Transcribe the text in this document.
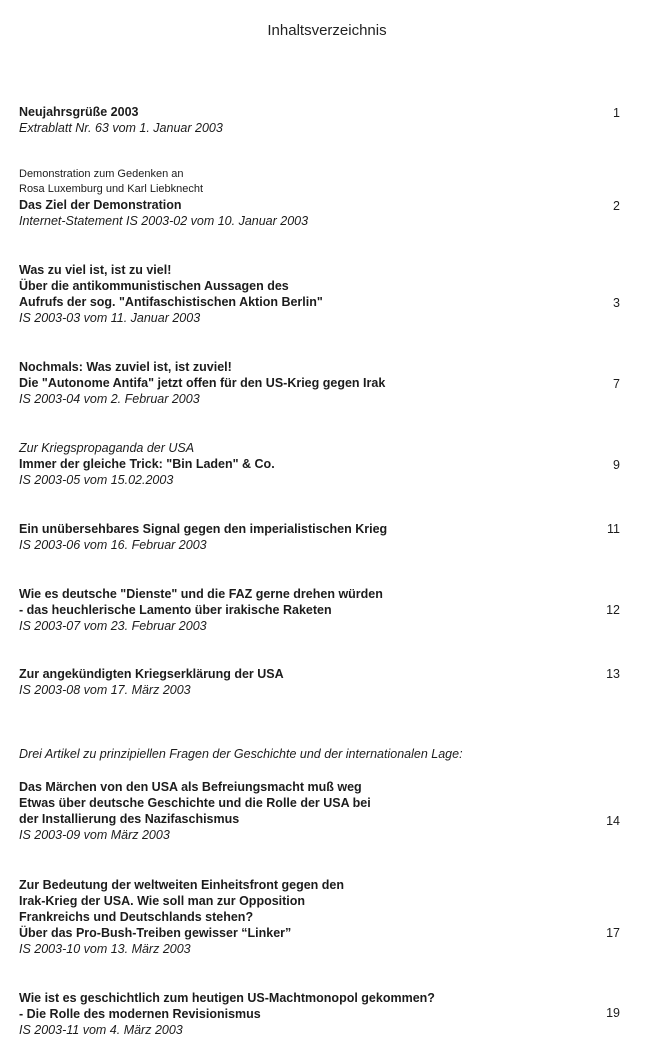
Inhaltsverzeichnis
Neujahrsgrüße 2003
Extrablatt Nr. 63 vom 1. Januar 2003
1
Demonstration zum Gedenken an
Rosa Luxemburg und Karl Liebknecht
Das Ziel der Demonstration
Internet-Statement IS 2003-02 vom 10. Januar 2003
2
Was zu viel ist, ist zu viel!
Über die antikommunistischen Aussagen des
Aufrufs der sog. "Antifaschistischen Aktion Berlin"
IS 2003-03 vom 11. Januar 2003
3
Nochmals: Was zuviel ist, ist zuviel!
Die "Autonome Antifa" jetzt offen für den US-Krieg gegen Irak
IS 2003-04 vom 2. Februar 2003
7
Zur Kriegspropaganda der USA
Immer der gleiche Trick: "Bin Laden" & Co.
IS 2003-05 vom 15.02.2003
9
Ein unübersehbares Signal gegen den imperialistischen Krieg
IS 2003-06 vom 16. Februar 2003
11
Wie es deutsche "Dienste" und die FAZ gerne drehen würden
- das heuchlerische Lamento über irakische Raketen
IS 2003-07 vom 23. Februar 2003
12
Zur angekündigten Kriegserklärung der USA
IS 2003-08 vom 17. März 2003
13
Drei Artikel zu prinzipiellen Fragen der Geschichte und der internationalen Lage:
Das Märchen von den USA als Befreiungsmacht muß weg
Etwas über deutsche Geschichte und die Rolle der USA bei
der Installierung des Nazifaschismus
IS 2003-09 vom März 2003
14
Zur Bedeutung der weltweiten Einheitsfront gegen den
Irak-Krieg der USA. Wie soll man zur Opposition
Frankreichs und Deutschlands stehen?
Über das Pro-Bush-Treiben gewisser “Linker”
IS 2003-10 vom 13. März 2003
17
Wie ist es geschichtlich zum heutigen US-Machtmonopol gekommen?
- Die Rolle des modernen Revisionismus
IS 2003-11 vom 4. März 2003
19
